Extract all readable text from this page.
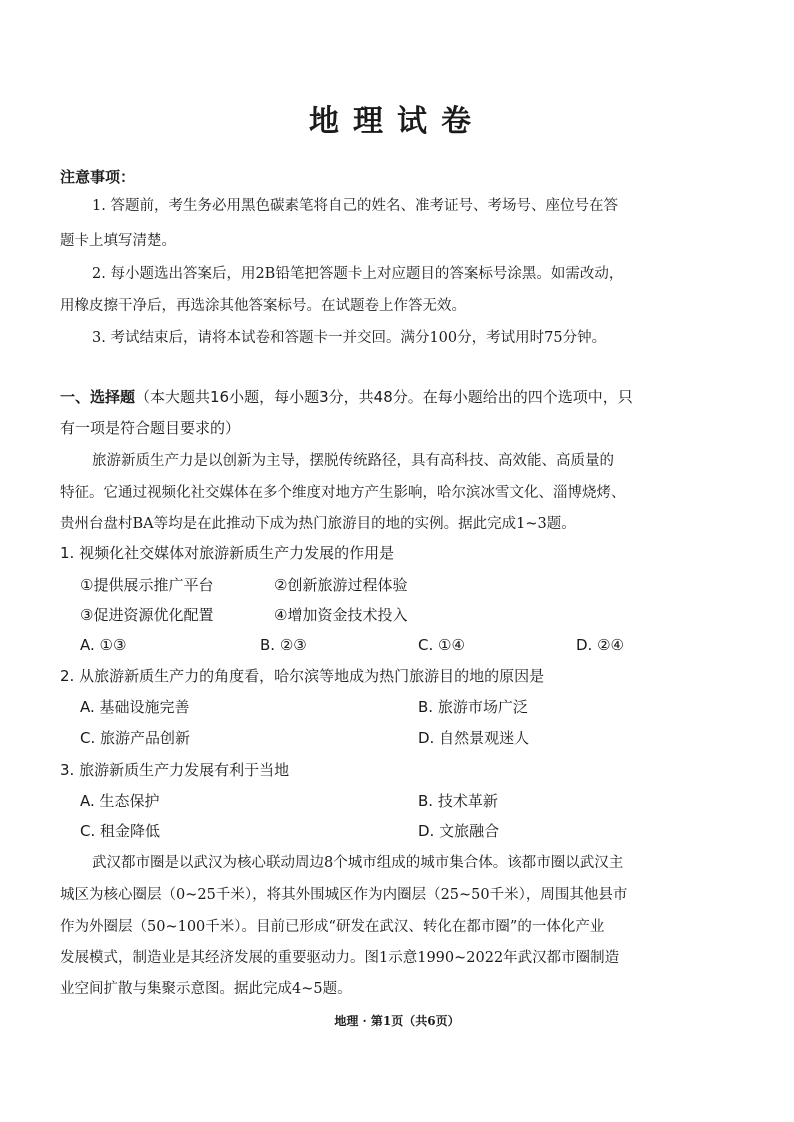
地理试卷
注意事项：
1. 答题前，考生务必用黑色碳素笔将自己的姓名、准考证号、考场号、座位号在答
题卡上填写清楚。
2. 每小题选出答案后，用2B铅笔把答题卡上对应题目的答案标号涂黑。如需改动，
用橡皮擦干净后，再选涂其他答案标号。在试题卷上作答无效。
3. 考试结束后，请将本试卷和答题卡一并交回。满分100分，考试用时75分钟。
一、选择题（本大题共16小题，每小题3分，共48分。在每小题给出的四个选项中，只
有一项是符合题目要求的）
旅游新质生产力是以创新为主导，摆脱传统路径，具有高科技、高效能、高质量的
特征。它通过视频化社交媒体在多个维度对地方产生影响，哈尔滨冰雪文化、淄博烧烤、
贵州台盘村BA等均是在此推动下成为热门旅游目的地的实例。据此完成1~3题。
1. 视频化社交媒体对旅游新质生产力发展的作用是
①提供展示推广平台	②创新旅游过程体验
③促进资源优化配置	④增加资金技术投入
A. ①③	B. ②③	C. ①④	D. ②④
2. 从旅游新质生产力的角度看，哈尔滨等地成为热门旅游目的地的原因是
A. 基础设施完善	B. 旅游市场广泛
C. 旅游产品创新	D. 自然景观迷人
3. 旅游新质生产力发展有利于当地
A. 生态保护	B. 技术革新
C. 租金降低	D. 文旅融合
武汉都市圈是以武汉为核心联动周边8个城市组成的城市集合体。该都市圈以武汉主
城区为核心圈层（0~25千米），将其外围城区作为内圈层（25~50千米），周围其他县市
作为外圈层（50~100千米）。目前已形成“研发在武汉、转化在都市圈”的一体化产业
发展模式，制造业是其经济发展的重要驱动力。图1示意1990~2022年武汉都市圈制造
业空间扩散与集聚示意图。据此完成4~5题。
地理 · 第1页（共6页）
